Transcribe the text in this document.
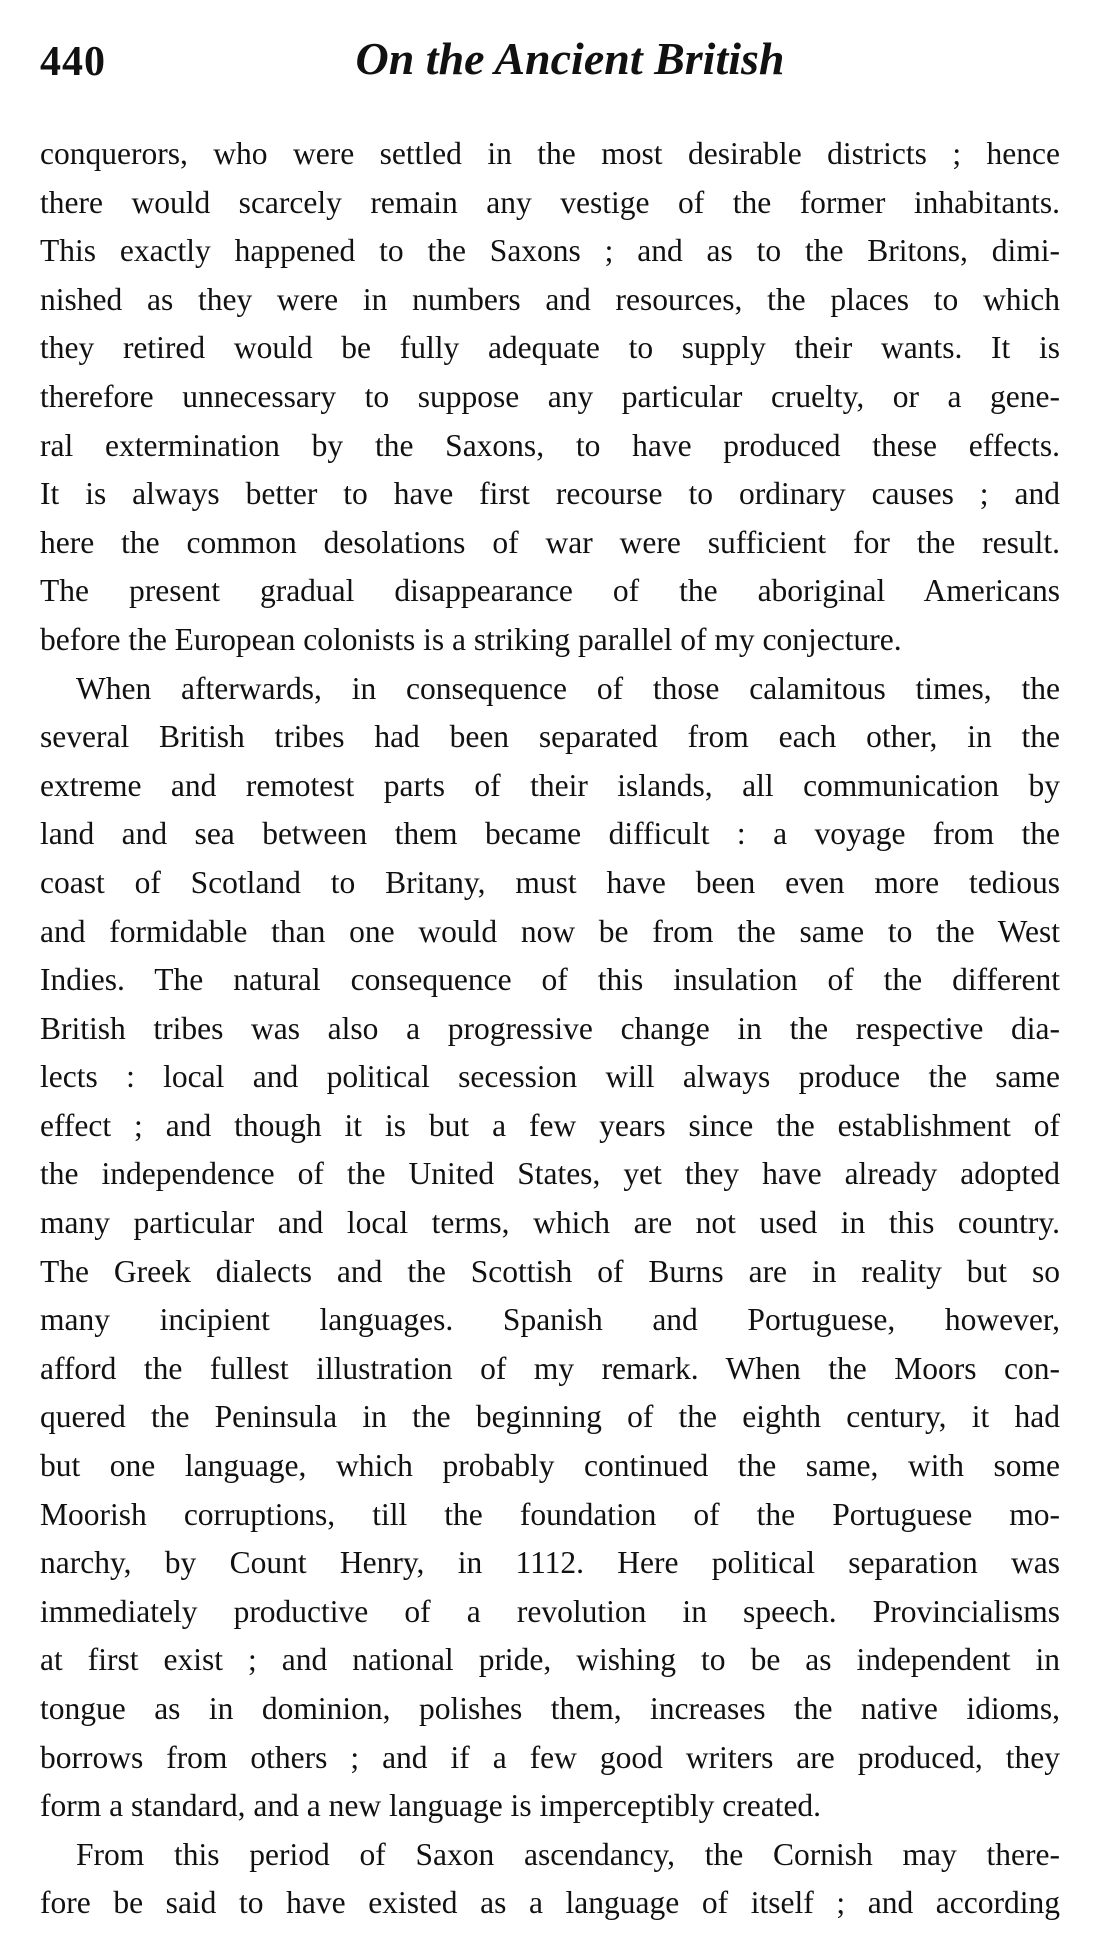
440	On the Ancient British
conquerors, who were settled in the most desirable districts ; hence
there would scarcely remain any vestige of the former inhabitants.
This exactly happened to the Saxons ; and as to the Britons, dimi-
nished as they were in numbers and resources, the places to which
they retired would be fully adequate to supply their wants. It is
therefore unnecessary to suppose any particular cruelty, or a gene-
ral extermination by the Saxons, to have produced these effects.
It is always better to have first recourse to ordinary causes ; and
here the common desolations of war were sufficient for the result.
The present gradual disappearance of the aboriginal Americans
before the European colonists is a striking parallel of my conjecture.
When afterwards, in consequence of those calamitous times, the
several British tribes had been separated from each other, in the
extreme and remotest parts of their islands, all communication by
land and sea between them became difficult : a voyage from the
coast of Scotland to Britany, must have been even more tedious
and formidable than one would now be from the same to the West
Indies. The natural consequence of this insulation of the different
British tribes was also a progressive change in the respective dia-
lects : local and political secession will always produce the same
effect ; and though it is but a few years since the establishment of
the independence of the United States, yet they have already adopted
many particular and local terms, which are not used in this country.
The Greek dialects and the Scottish of Burns are in reality but so
many incipient languages. Spanish and Portuguese, however,
afford the fullest illustration of my remark. When the Moors con-
quered the Peninsula in the beginning of the eighth century, it had
but one language, which probably continued the same, with some
Moorish corruptions, till the foundation of the Portuguese mo-
narchy, by Count Henry, in 1112. Here political separation was
immediately productive of a revolution in speech. Provincialisms
at first exist ; and national pride, wishing to be as independent in
tongue as in dominion, polishes them, increases the native idioms,
borrows from others ; and if a few good writers are produced, they
form a standard, and a new language is imperceptibly created.
From this period of Saxon ascendancy, the Cornish may there-
fore be said to have existed as a language of itself ; and according
